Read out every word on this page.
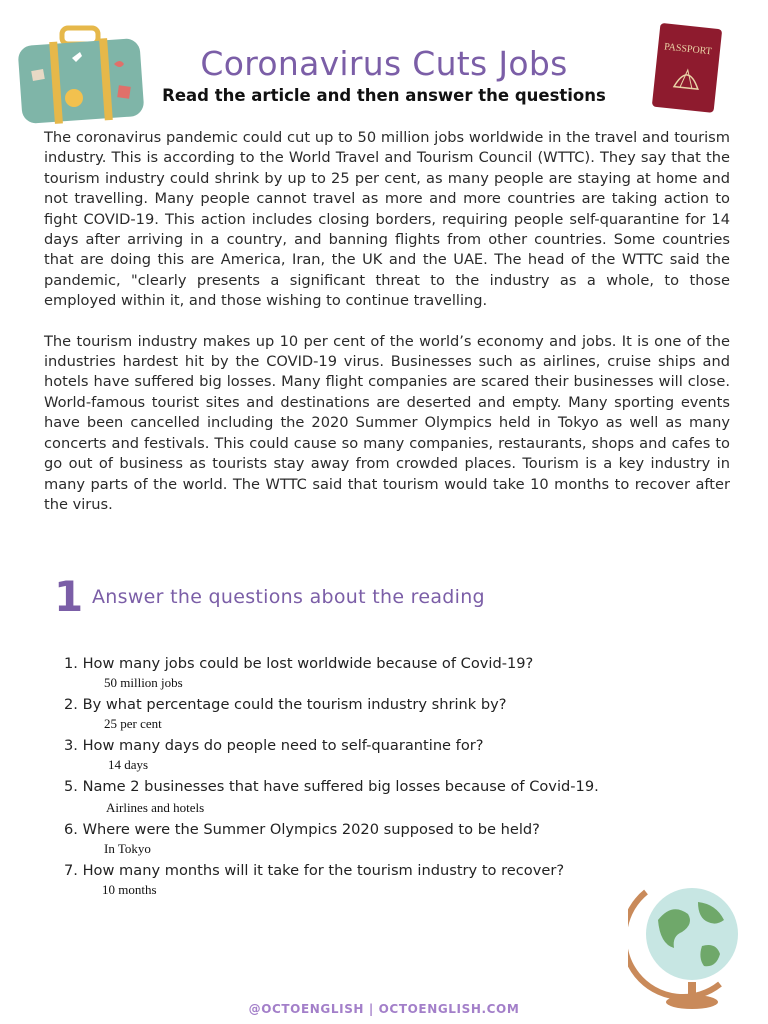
PASSPORT
Coronavirus Cuts Jobs
Read the article and then answer the questions

The coronavirus pandemic could cut up to 50 million jobs worldwide in the travel and tourism industry. This is according to the World Travel and Tourism Council (WTTC). They say that the tourism industry could shrink by up to 25 per cent, as many people are staying at home and not travelling. Many people cannot travel as more and more countries are taking action to fight COVID-19. This action includes closing borders, requiring people self-quarantine for 14 days after arriving in a country, and banning flights from other countries. Some countries that are doing this are America, Iran, the UK and the UAE. The head of the WTTC said the pandemic, "clearly presents a significant threat to the industry as a whole, to those employed within it, and those wishing to continue travelling.

The tourism industry makes up 10 per cent of the world’s economy and jobs. It is one of the industries hardest hit by the COVID-19 virus. Businesses such as airlines, cruise ships and hotels have suffered big losses. Many flight companies are scared their businesses will close. World-famous tourist sites and destinations are deserted and empty. Many sporting events have been cancelled including the 2020 Summer Olympics held in Tokyo as well as many concerts and festivals. This could cause so many companies, restaurants, shops and cafes to go out of business as tourists stay away from crowded places. Tourism is a key industry in many parts of the world. The WTTC said that tourism would take 10 months to recover after the virus.

1 Answer the questions about the reading

1. How many jobs could be lost worldwide because of Covid-19?

50 million jobs

2. By what percentage could the tourism industry shrink by?

25 per cent

3. How many days do people need to self-quarantine for?

14 days

5. Name 2 businesses that have suffered big losses because of Covid-19.

Airlines and hotels

6. Where were the Summer Olympics 2020 supposed to be held?

In Tokyo

7. How many months will it take for the tourism industry to recover?

10 months

@OCTOENGLISH | OCTOENGLISH.COM
